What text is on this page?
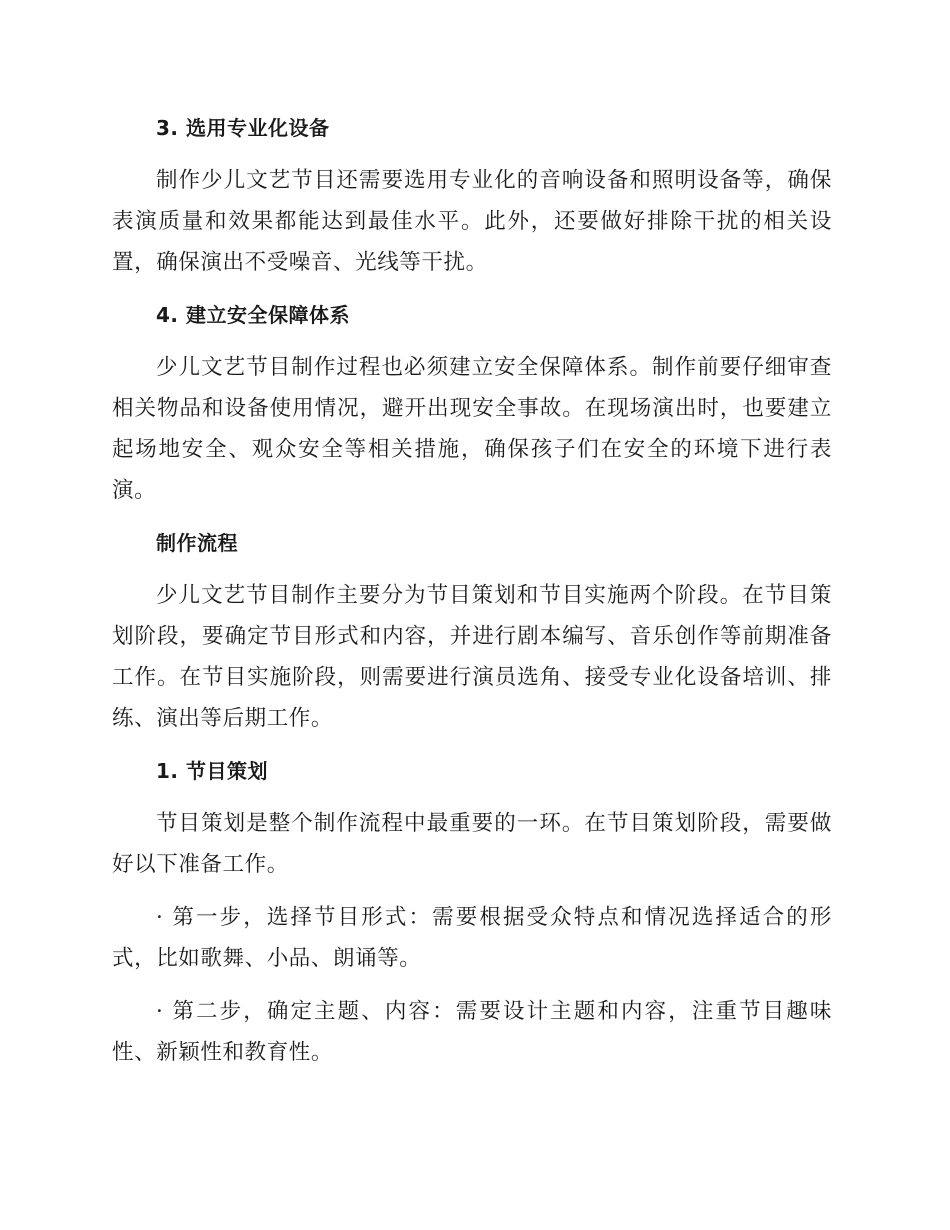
3. 选用专业化设备

制作少儿文艺节目还需要选用专业化的音响设备和照明设备等，确保表演质量和效果都能达到最佳水平。此外，还要做好排除干扰的相关设置，确保演出不受噪音、光线等干扰。

4. 建立安全保障体系

少儿文艺节目制作过程也必须建立安全保障体系。制作前要仔细审查相关物品和设备使用情况，避开出现安全事故。在现场演出时，也要建立起场地安全、观众安全等相关措施，确保孩子们在安全的环境下进行表演。

制作流程

少儿文艺节目制作主要分为节目策划和节目实施两个阶段。在节目策划阶段，要确定节目形式和内容，并进行剧本编写、音乐创作等前期准备工作。在节目实施阶段，则需要进行演员选角、接受专业化设备培训、排练、演出等后期工作。

1. 节目策划

节目策划是整个制作流程中最重要的一环。在节目策划阶段，需要做好以下准备工作。

· 第一步，选择节目形式：需要根据受众特点和情况选择适合的形式，比如歌舞、小品、朗诵等。

· 第二步，确定主题、内容：需要设计主题和内容，注重节目趣味性、新颖性和教育性。
